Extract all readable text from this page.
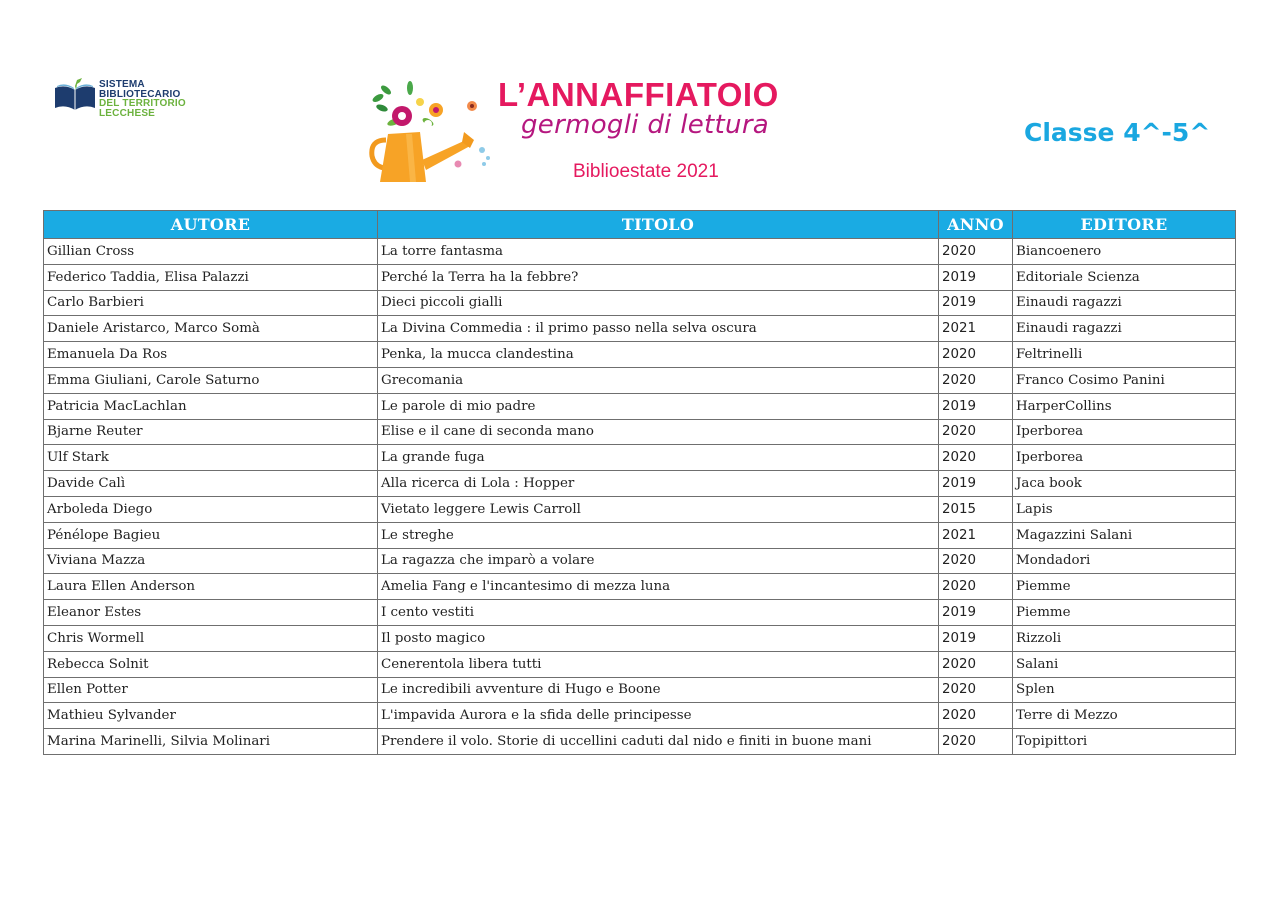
SISTEMA
BIBLIOTECARIO
DEL TERRITORIO
LECCHESE	L’ANNAFFIATOIO
germogli di lettura
Biblioestate 2021
Classe 4^-5^
AUTORE	TITOLO	ANNO	EDITORE
Gillian Cross	La torre fantasma	2020	Biancoenero
Federico Taddia, Elisa Palazzi	Perché la Terra ha la febbre?	2019	Editoriale Scienza
Carlo Barbieri	Dieci piccoli gialli	2019	Einaudi ragazzi
Daniele Aristarco, Marco Somà	La Divina Commedia : il primo passo nella selva oscura	2021	Einaudi ragazzi
Emanuela Da Ros	Penka, la mucca clandestina	2020	Feltrinelli
Emma Giuliani, Carole Saturno	Grecomania	2020	Franco Cosimo Panini
Patricia MacLachlan	Le parole di mio padre	2019	HarperCollins
Bjarne Reuter	Elise e il cane di seconda mano	2020	Iperborea
Ulf Stark	La grande fuga	2020	Iperborea
Davide Calì	Alla ricerca di Lola : Hopper	2019	Jaca book
Arboleda Diego	Vietato leggere Lewis Carroll	2015	Lapis
Pénélope Bagieu	Le streghe	2021	Magazzini Salani
Viviana Mazza	La ragazza che imparò a volare	2020	Mondadori
Laura Ellen Anderson	Amelia Fang e l'incantesimo di mezza luna	2020	Piemme
Eleanor Estes	I cento vestiti	2019	Piemme
Chris Wormell	Il posto magico	2019	Rizzoli
Rebecca Solnit	Cenerentola libera tutti	2020	Salani
Ellen Potter	Le incredibili avventure di Hugo e Boone	2020	Splen
Mathieu Sylvander	L'impavida Aurora e la sfida delle principesse	2020	Terre di Mezzo
Marina Marinelli, Silvia Molinari	Prendere il volo. Storie di uccellini caduti dal nido e finiti in buone mani	2020	Topipittori
